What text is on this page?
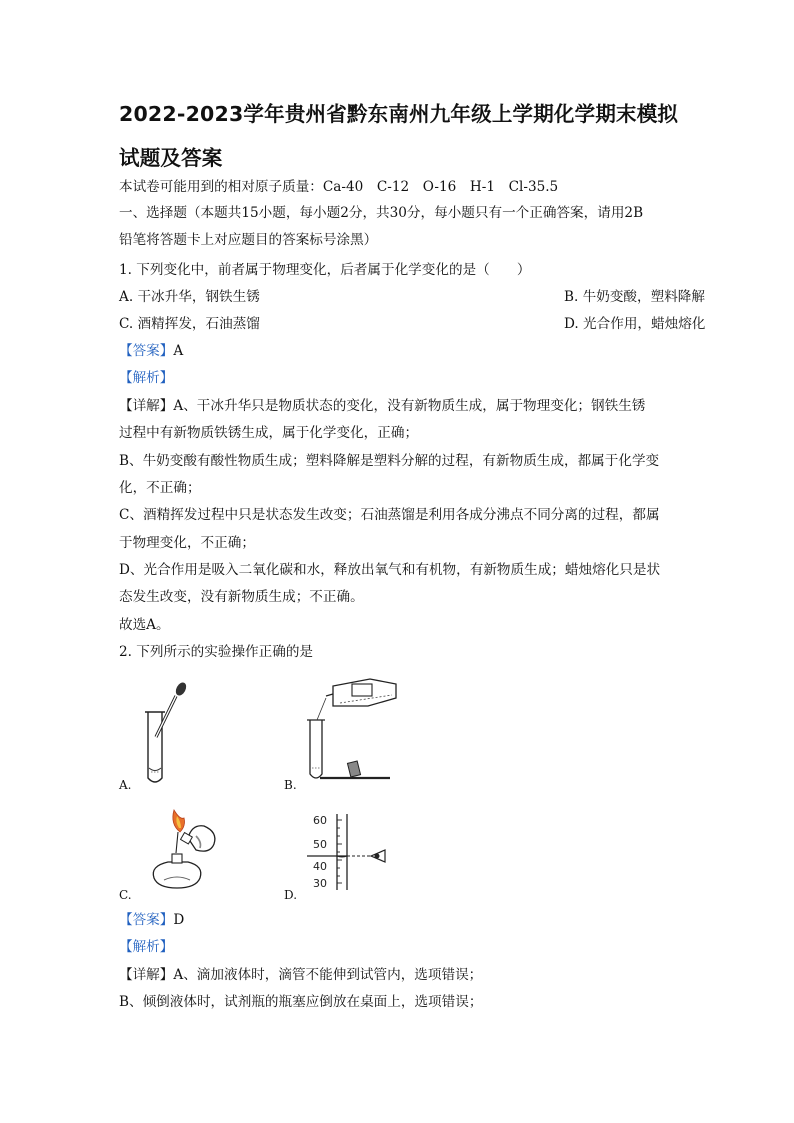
2022-2023学年贵州省黔东南州九年级上学期化学期末模拟
试题及答案
本试卷可能用到的相对原子质量：Ca-40　C-12　O-16　H-1　Cl-35.5
一、选择题（本题共15小题，每小题2分，共30分，每小题只有一个正确答案，请用2B
铅笔将答题卡上对应题目的答案标号涂黑）
1. 下列变化中，前者属于物理变化，后者属于化学变化的是（　　）
A. 干冰升华，钢铁生锈	B. 牛奶变酸，塑料降解
C. 酒精挥发，石油蒸馏	D. 光合作用，蜡烛熔化
【答案】A
【解析】
【详解】A、干冰升华只是物质状态的变化，没有新物质生成，属于物理变化；钢铁生锈
过程中有新物质铁锈生成，属于化学变化，正确；
B、牛奶变酸有酸性物质生成；塑料降解是塑料分解的过程，有新物质生成，都属于化学变
化，不正确；
C、酒精挥发过程中只是状态发生改变；石油蒸馏是利用各成分沸点不同分离的过程，都属
于物理变化，不正确；
D、光合作用是吸入二氧化碳和水，释放出氧气和有机物，有新物质生成；蜡烛熔化只是状
态发生改变，没有新物质生成；不正确。
故选A。
2. 下列所示的实验操作正确的是
A.	B.
C.
60
50
40
30
D.
【答案】D
【解析】
【详解】A、滴加液体时，滴管不能伸到试管内，选项错误；
B、倾倒液体时，试剂瓶的瓶塞应倒放在桌面上，选项错误；
